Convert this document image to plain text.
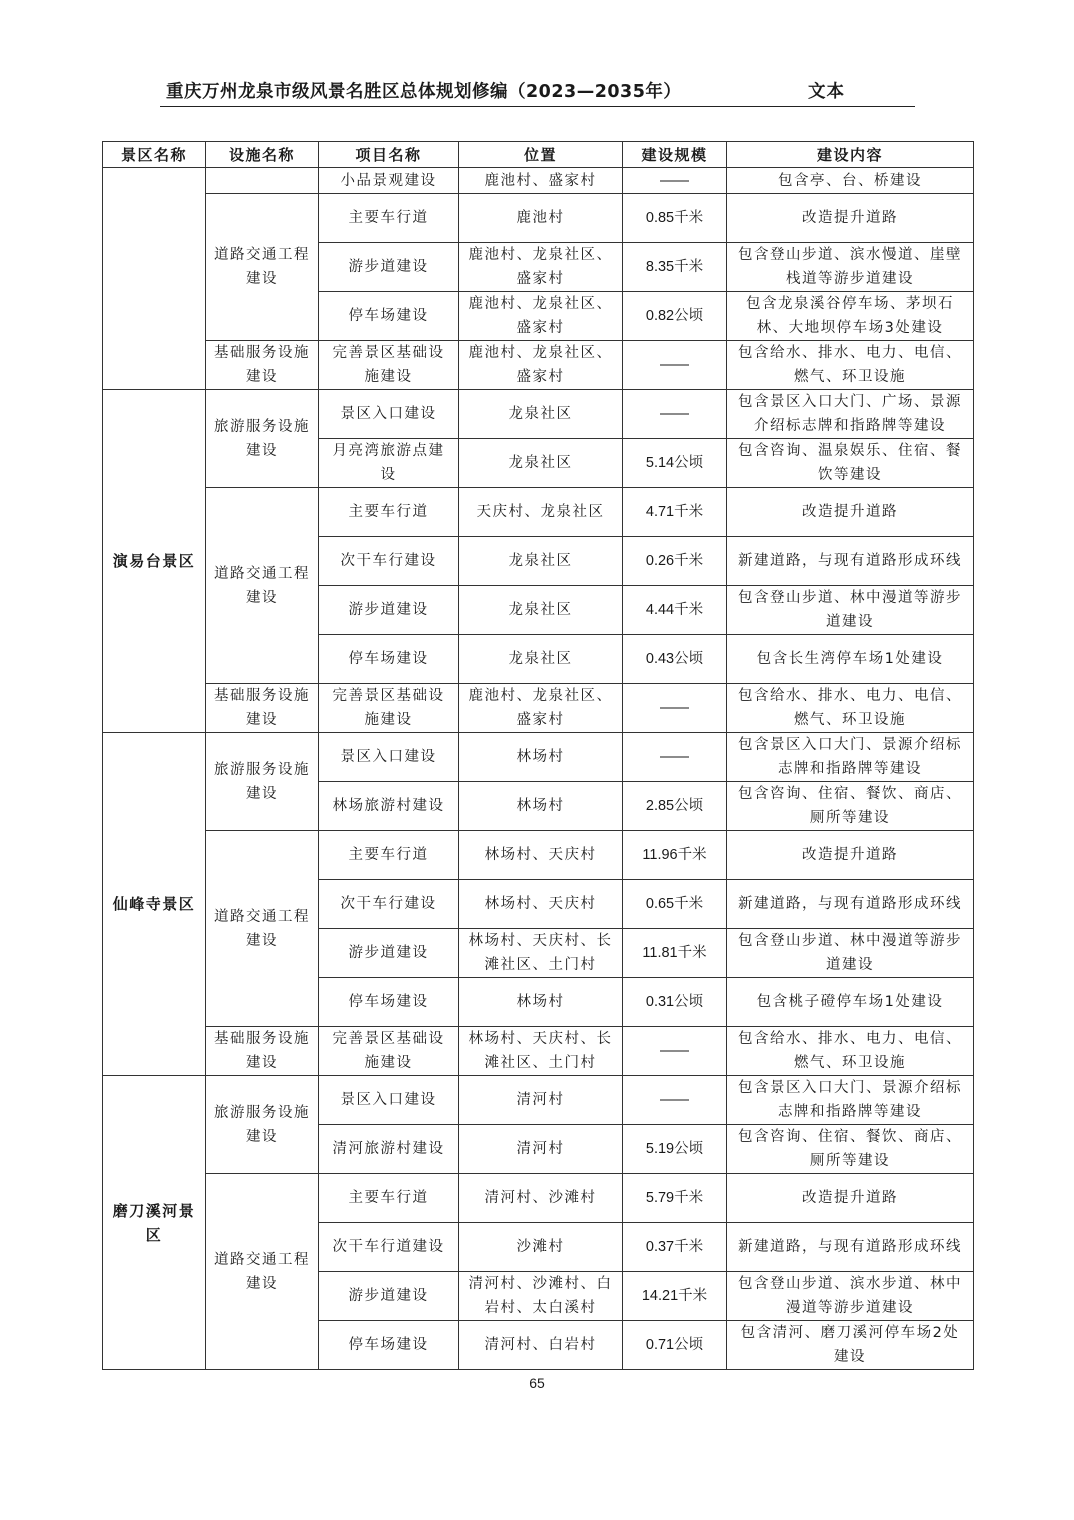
重庆万州龙泉市级风景名胜区总体规划修编（2023—2035年）	文本
景区名称	设施名称	项目名称	位置	建设规模	建设内容
		小品景观建设	鹿池村、盛家村	——	包含亭、台、桥建设
	道路交通工程建设	主要车行道	鹿池村	0.85千米	改造提升道路
		游步道建设	鹿池村、龙泉社区、盛家村	8.35千米	包含登山步道、滨水慢道、崖壁栈道等游步道建设
		停车场建设	鹿池村、龙泉社区、盛家村	0.82公顷	包含龙泉溪谷停车场、茅坝石林、大地坝停车场3处建设
	基础服务设施建设	完善景区基础设施建设	鹿池村、龙泉社区、盛家村	——	包含给水、排水、电力、电信、燃气、环卫设施
演易台景区	旅游服务设施建设	景区入口建设	龙泉社区	——	包含景区入口大门、广场、景源介绍标志牌和指路牌等建设
		月亮湾旅游点建设	龙泉社区	5.14公顷	包含咨询、温泉娱乐、住宿、餐饮等建设
	道路交通工程建设	主要车行道	天庆村、龙泉社区	4.71千米	改造提升道路
		次干车行建设	龙泉社区	0.26千米	新建道路，与现有道路形成环线
		游步道建设	龙泉社区	4.44千米	包含登山步道、林中漫道等游步道建设
		停车场建设	龙泉社区	0.43公顷	包含长生湾停车场1处建设
	基础服务设施建设	完善景区基础设施建设	鹿池村、龙泉社区、盛家村	——	包含给水、排水、电力、电信、燃气、环卫设施
仙峰寺景区	旅游服务设施建设	景区入口建设	林场村	——	包含景区入口大门、景源介绍标志牌和指路牌等建设
		林场旅游村建设	林场村	2.85公顷	包含咨询、住宿、餐饮、商店、厕所等建设
	道路交通工程建设	主要车行道	林场村、天庆村	11.96千米	改造提升道路
		次干车行建设	林场村、天庆村	0.65千米	新建道路，与现有道路形成环线
		游步道建设	林场村、天庆村、长滩社区、土门村	11.81千米	包含登山步道、林中漫道等游步道建设
		停车场建设	林场村	0.31公顷	包含桃子磴停车场1处建设
	基础服务设施建设	完善景区基础设施建设	林场村、天庆村、长滩社区、土门村	——	包含给水、排水、电力、电信、燃气、环卫设施
磨刀溪河景区	旅游服务设施建设	景区入口建设	清河村	——	包含景区入口大门、景源介绍标志牌和指路牌等建设
		清河旅游村建设	清河村	5.19公顷	包含咨询、住宿、餐饮、商店、厕所等建设
	道路交通工程建设	主要车行道	清河村、沙滩村	5.79千米	改造提升道路
		次干车行道建设	沙滩村	0.37千米	新建道路，与现有道路形成环线
		游步道建设	清河村、沙滩村、白岩村、太白溪村	14.21千米	包含登山步道、滨水步道、林中漫道等游步道建设
		停车场建设	清河村、白岩村	0.71公顷	包含清河、磨刀溪河停车场2处建设
65
